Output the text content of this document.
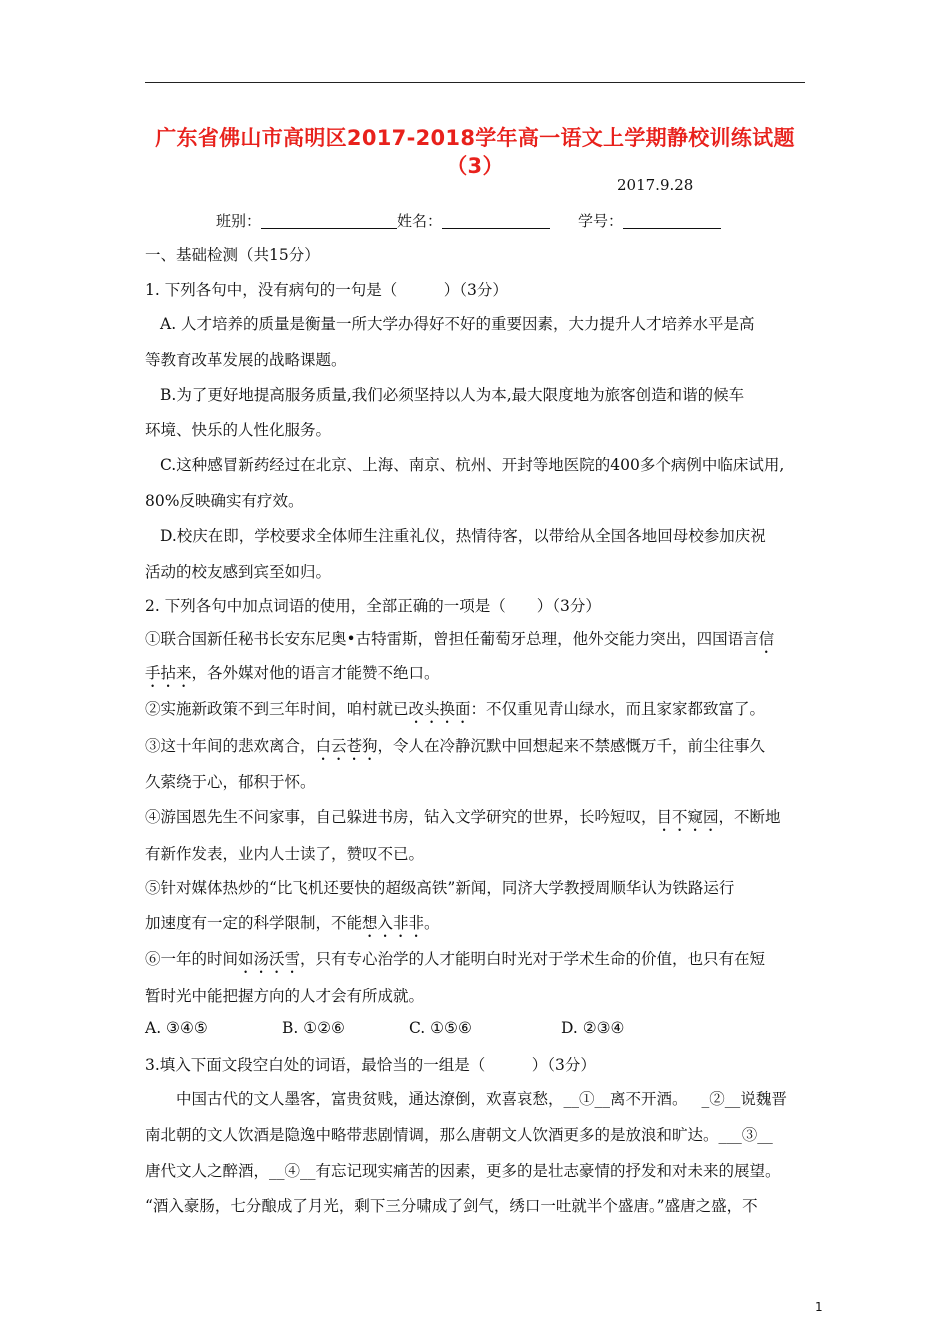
广东省佛山市高明区2017-2018学年高一语文上学期静校训练试题
（3）
2017.9.28
班别：	姓名：	学号：
一、基础检测（共15分）
1. 下列各句中，没有病句的一句是（　　　）（3分）
A. 人才培养的质量是衡量一所大学办得好不好的重要因素，大力提升人才培养水平是高
等教育改革发展的战略课题。
B.为了更好地提高服务质量,我们必须坚持以人为本,最大限度地为旅客创造和谐的候车
环境、快乐的人性化服务。
C.这种感冒新药经过在北京、上海、南京、杭州、开封等地医院的400多个病例中临床试用,
80%反映确实有疗效。
D.校庆在即，学校要求全体师生注重礼仪，热情待客，以带给从全国各地回母校参加庆祝
活动的校友感到宾至如归。
2. 下列各句中加点词语的使用，全部正确的一项是（　　）（3分）
①联合国新任秘书长安东尼奥•古特雷斯，曾担任葡萄牙总理，他外交能力突出，四国语言信
手拈来，各外媒对他的语言才能赞不绝口。
②实施新政策不到三年时间，咱村就已改头换面：不仅重见青山绿水，而且家家都致富了。
③这十年间的悲欢离合，白云苍狗，令人在冷静沉默中回想起来不禁感慨万千，前尘往事久
久萦绕于心，郁积于怀。
④游国恩先生不问家事，自己躲进书房，钻入文学研究的世界，长吟短叹，目不窥园，不断地
有新作发表，业内人士读了，赞叹不已。
⑤针对媒体热炒的“比飞机还要快的超级高铁”新闻，同济大学教授周顺华认为铁路运行
加速度有一定的科学限制，不能想入非非。
⑥一年的时间如汤沃雪，只有专心治学的人才能明白时光对于学术生命的价值，也只有在短
暂时光中能把握方向的人才会有所成就。
A. ③④⑤	B. ①②⑥	C. ①⑤⑥	D. ②③④
3.填入下面文段空白处的词语，最恰当的一组是（　　　）（3分）
中国古代的文人墨客，富贵贫贱，通达潦倒，欢喜哀愁，__①__离不开酒。 _②__说魏晋
南北朝的文人饮酒是隐逸中略带悲剧情调，那么唐朝文人饮酒更多的是放浪和旷达。___③__
唐代文人之醉酒，__④__有忘记现实痛苦的因素，更多的是壮志豪情的抒发和对未来的展望。
“酒入豪肠，七分酿成了月光，剩下三分啸成了剑气，绣口一吐就半个盛唐。”盛唐之盛，不
1
